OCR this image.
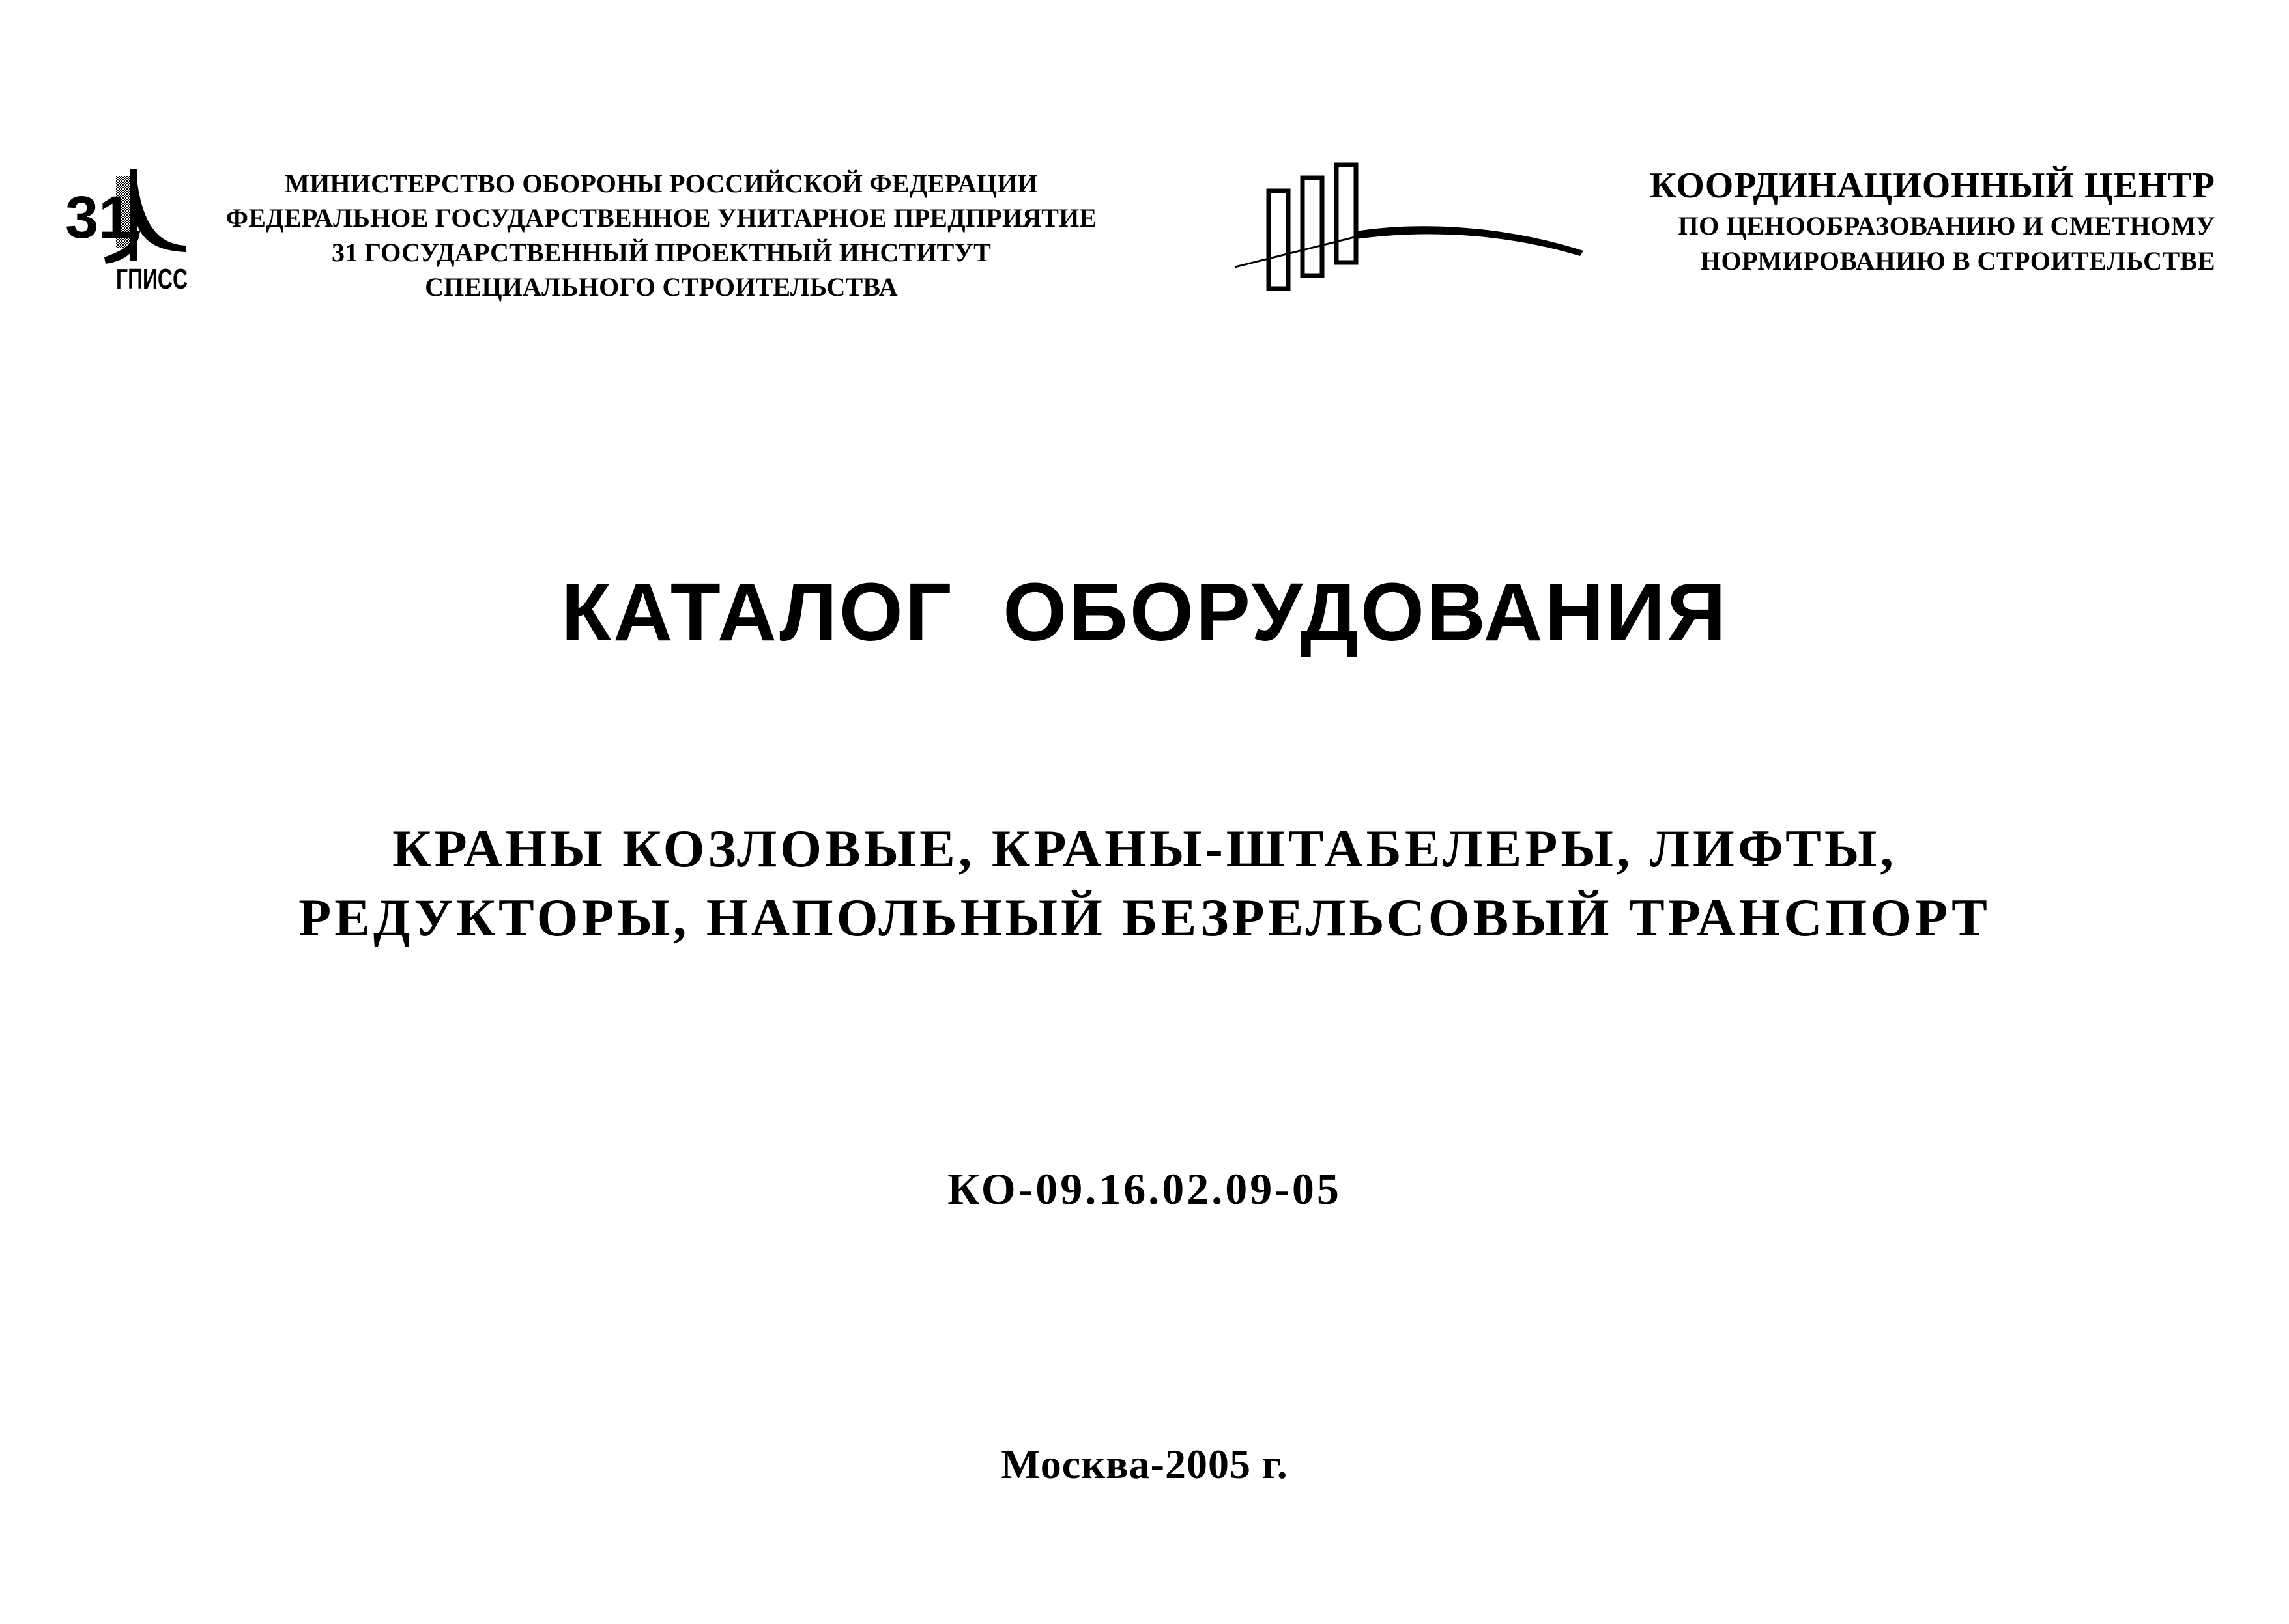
31
ГПИСС
МИНИСТЕРСТВО ОБОРОНЫ РОССИЙСКОЙ ФЕДЕРАЦИИ
ФЕДЕРАЛЬНОЕ ГОСУДАРСТВЕННОЕ УНИТАРНОЕ ПРЕДПРИЯТИЕ
31 ГОСУДАРСТВЕННЫЙ ПРОЕКТНЫЙ ИНСТИТУТ
СПЕЦИАЛЬНОГО СТРОИТЕЛЬСТВА
КООРДИНАЦИОННЫЙ ЦЕНТР
ПО ЦЕНООБРАЗОВАНИЮ И СМЕТНОМУ
НОРМИРОВАНИЮ В СТРОИТЕЛЬСТВЕ
КАТАЛОГ  ОБОРУДОВАНИЯ
КРАНЫ КОЗЛОВЫЕ, КРАНЫ-ШТАБЕЛЕРЫ, ЛИФТЫ,
РЕДУКТОРЫ, НАПОЛЬНЫЙ БЕЗРЕЛЬСОВЫЙ ТРАНСПОРТ
КО-09.16.02.09-05
Москва-2005 г.
